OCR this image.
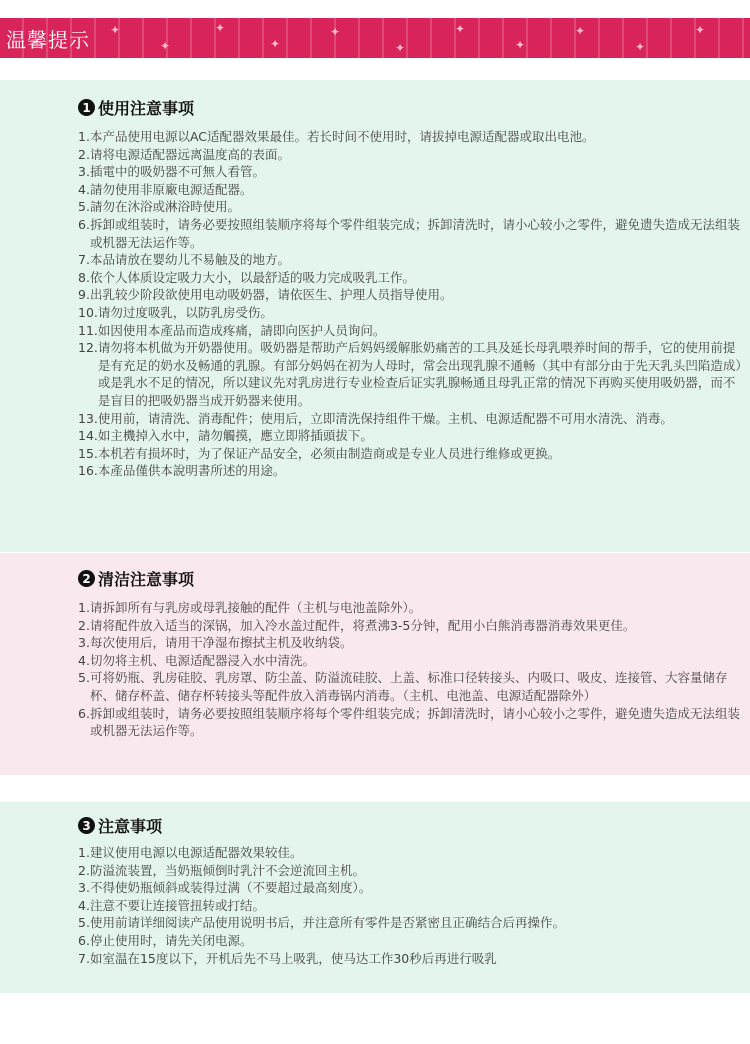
温馨提示 ✦
✦
✦
✦
✦
✦
✦
✦
✦
✦
✦
1 使用注意事项
1. 本产品使用电源以AC适配器效果最佳。若长时间不使用时，请拔掉电源适配器或取出电池。
2. 请将电源适配器远离温度高的表面。
3. 插電中的吸奶器不可無人看管。
4. 請勿使用非原廠电源适配器。
5. 請勿在沐浴或淋浴時使用。
6. 拆卸或组装时，请务必要按照组装顺序将每个零件组装完成；拆卸清洗时，请小心较小之零件，避免遗失造成无法组装或机器无法运作等。
7. 本品请放在婴幼儿不易触及的地方。
8. 依个人体质设定吸力大小，以最舒适的吸力完成吸乳工作。
9. 出乳较少阶段欲使用电动吸奶器，请依医生、护理人员指导使用。
10. 请勿过度吸乳，以防乳房受伤。
11. 如因使用本產品而造成疼痛，請即向医护人员询问。
12. 请勿将本机做为开奶器使用。吸奶器是帮助产后妈妈缓解胀奶痛苦的工具及延长母乳喂养时间的帮手，它的使用前提是有充足的奶水及畅通的乳腺。有部分妈妈在初为人母时，常会出现乳腺不通畅（其中有部分由于先天乳头凹陷造成）或是乳水不足的情况，所以建议先对乳房进行专业检查后证实乳腺畅通且母乳正常的情况下再购买使用吸奶器，而不是盲目的把吸奶器当成开奶器来使用。
13. 使用前，请清洗、消毒配件；使用后，立即清洗保持组件干燥。主机、电源适配器不可用水清洗、消毒。
14. 如主機掉入水中，請勿觸摸，應立即將插頭拔下。
15. 本机若有损坏时，为了保证产品安全，必须由制造商或是专业人员进行维修或更换。
16. 本產品僅供本說明書所述的用途。
2 清洁注意事项
1. 请拆卸所有与乳房或母乳接触的配件（主机与电池盖除外）。
2. 请将配件放入适当的深锅，加入冷水盖过配件，将煮沸3-5分钟，配用小白熊消毒器消毒效果更佳。
3. 每次使用后，请用干净湿布擦拭主机及收纳袋。
4. 切勿将主机、电源适配器浸入水中清洗。
5. 可将奶瓶、乳房硅胶、乳房罩、防尘盖、防溢流硅胶、上盖、标准口径转接头、内吸口、吸皮、连接管、大容量储存杯、储存杯盖、储存杯转接头等配件放入消毒锅内消毒。（主机、电池盖、电源适配器除外）
6. 拆卸或组装时，请务必要按照组装顺序将每个零件组装完成；拆卸清洗时，请小心较小之零件，避免遗失造成无法组装或机器无法运作等。
3 注意事项
1. 建议使用电源以电源适配器效果较佳。
2. 防溢流装置，当奶瓶倾倒时乳汁不会逆流回主机。
3. 不得使奶瓶倾斜或装得过满（不要超过最高刻度）。
4. 注意不要让连接管扭转或打结。
5. 使用前请详细阅读产品使用说明书后，并注意所有零件是否紧密且正确结合后再操作。
6. 停止使用时，请先关闭电源。
7. 如室温在15度以下，开机后先不马上吸乳，使马达工作30秒后再进行吸乳
